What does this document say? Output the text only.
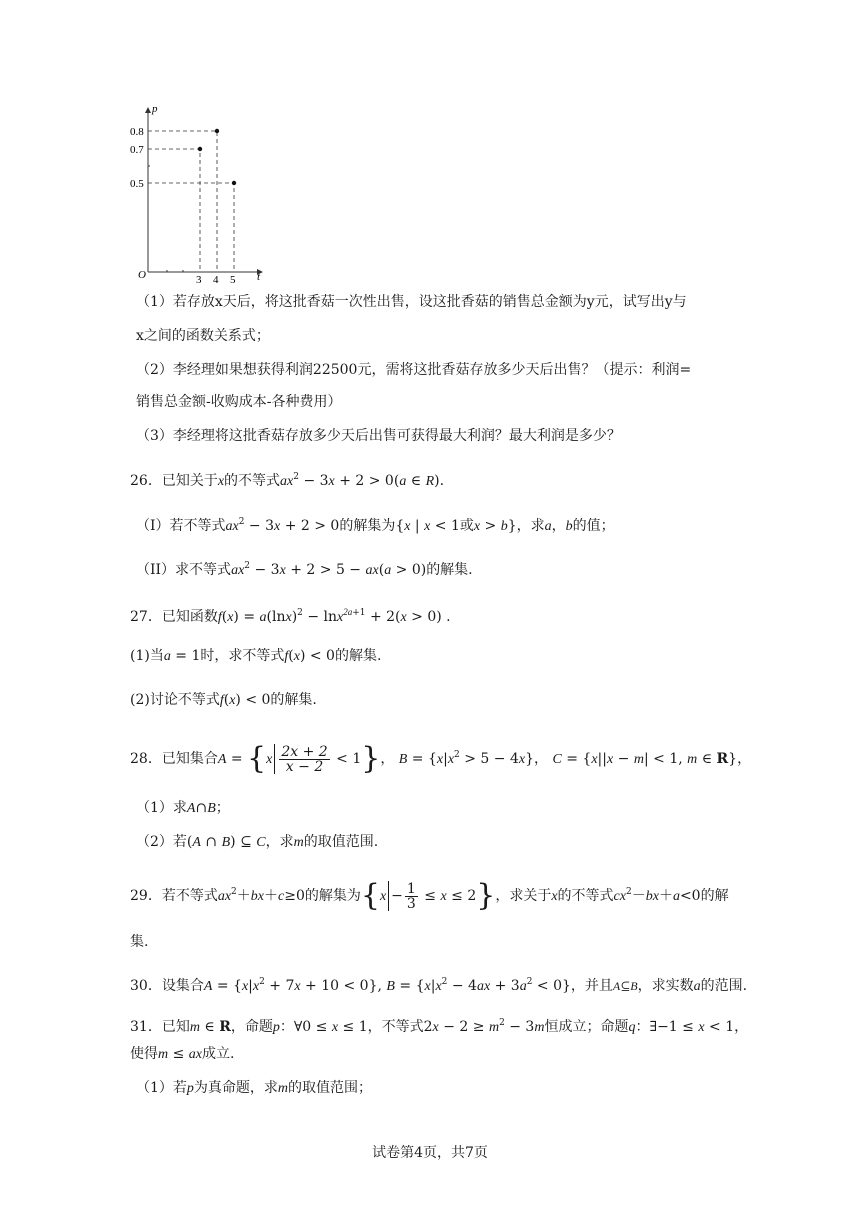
p
t
O
0.8
0.7
0.5
3 4 5
（1）若存放x天后，将这批香菇一次性出售，设这批香菇的销售总金额为y元，试写出y与
x之间的函数关系式；
（2）李经理如果想获得利润22500元，需将这批香菇存放多少天后出售？（提示：利润=
销售总金额-收购成本-各种费用）
（3）李经理将这批香菇存放多少天后出售可获得最大利润？最大利润是多少？
26．已知关于x的不等式$ax^2 - 3x + 2 > 0(a$ ∈ R).
（I）若不等式$ax^2 - 3x + 2 > 0$的解集为{x | x < 1或x > b}，求a，b的值；
（II）求不等式$ax^2 - 3x + 2 > 5 - ax(a > 0)$的解集.
27．已知函数$f(x) = a(\ln x)^2 - \ln x^{2a+1} + 2(x > 0)$ .
(1)当a = 1时，求不等式f(x) < 0的解集.
(2)讨论不等式f(x) < 0的解集.
28．已知集合$A = \{x \frac{2x + 2}{x - 2} < 1\}$， $B = \{x|x^2 > 5 - 4x\}$， C = {x||x − m| < 1, m ∈ R}，
（1）求A∩B；
（2）若(A ∩ B) ⊆ C，求m的取值范围.
29．若不等式$ax^2+bx+c\ge 0$的解集为$\{x - \frac{1}{3} \le x \le 2\}$，求关于x的不等式$cx^2-bx+a<0$的解
集.
30．设集合$A = \{x|x^2 + 7x + 10 < 0\}$, $B = \{x|x^2 - 4ax + 3a^2 < 0\}$，并且A⊆B，求实数a的范围.
31．已知m ∈ R，命题p：∀0 ≤ x ≤ 1，不等式$2x - 2 \ge m^2 - 3m$恒成立；命题q：∃−1 ≤ x < 1，
使得m ≤ ax成立.
（1）若p为真命题，求m的取值范围；
试卷第4页，共7页
